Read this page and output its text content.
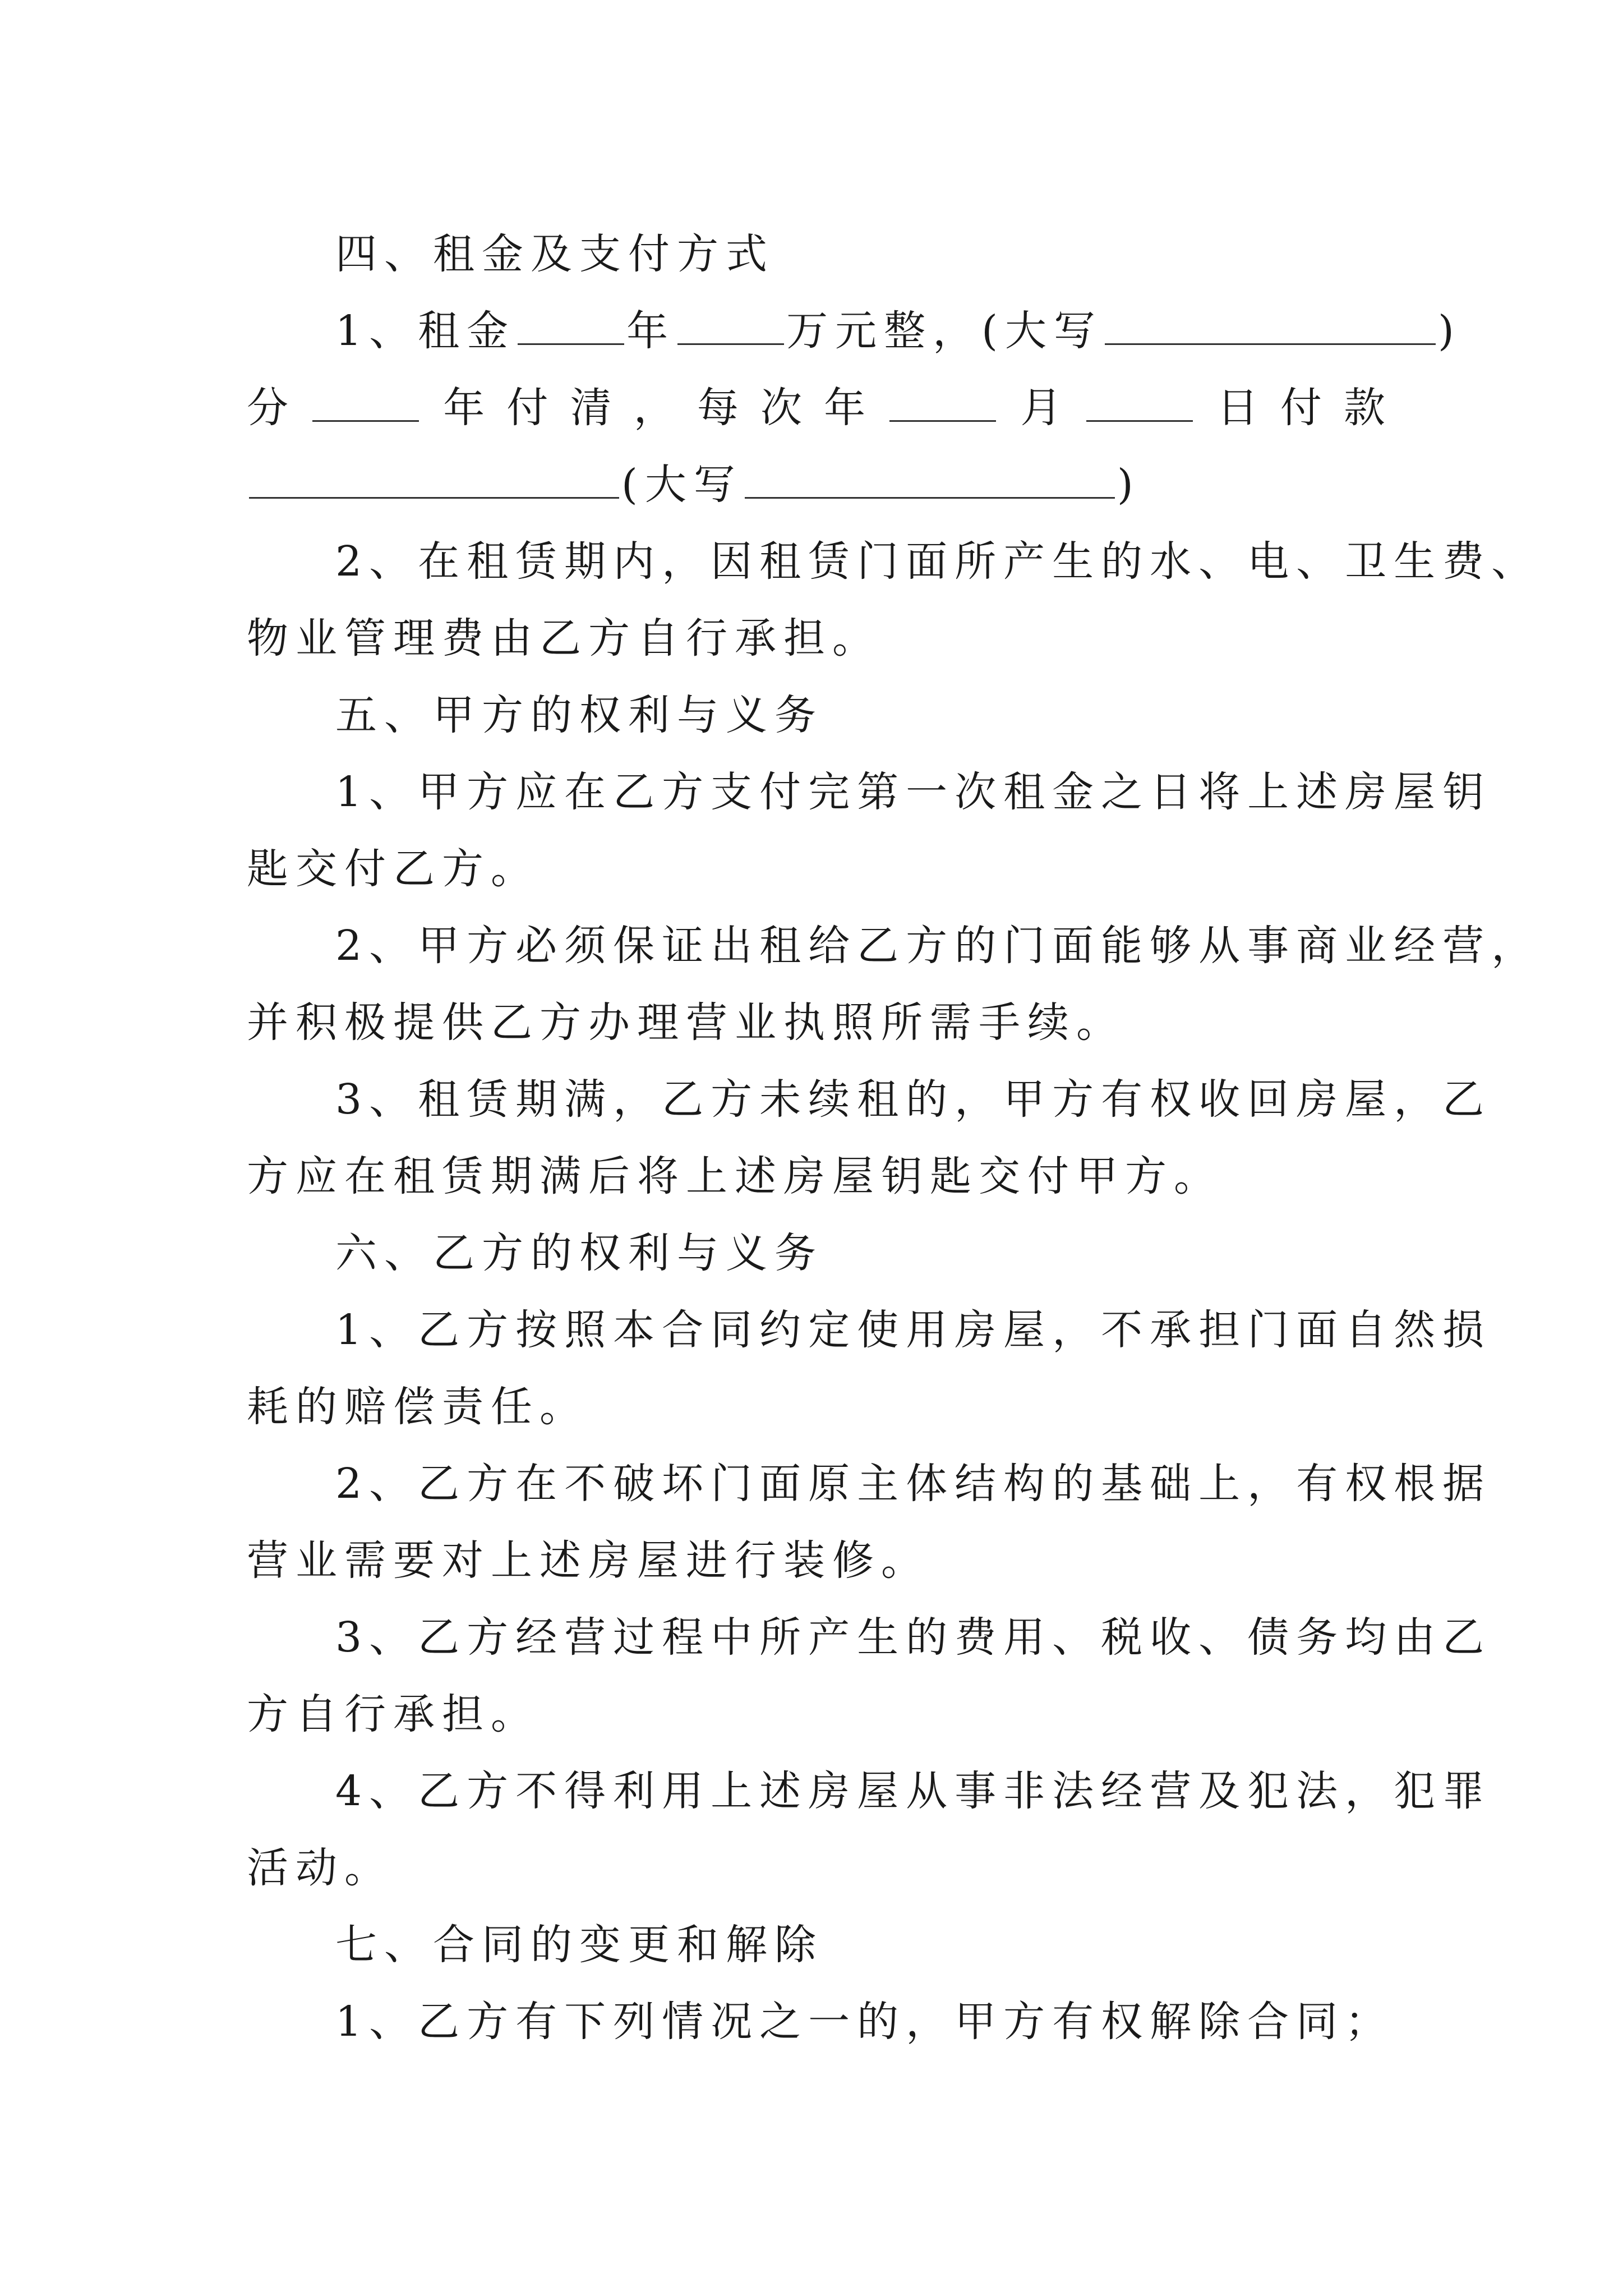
四、租金及支付方式
1、租金	年	万元整，(大写	)
分	年 付 清 ， 每 次 年	月	日 付 款
(大写	)
2、在租赁期内，因租赁门面所产生的水、电、卫生费、
物业管理费由乙方自行承担。
五、甲方的权利与义务
1、甲方应在乙方支付完第一次租金之日将上述房屋钥
匙交付乙方。
2、甲方必须保证出租给乙方的门面能够从事商业经营，
并积极提供乙方办理营业执照所需手续。
3、租赁期满，乙方未续租的，甲方有权收回房屋，乙
方应在租赁期满后将上述房屋钥匙交付甲方。
六、乙方的权利与义务
1、乙方按照本合同约定使用房屋，不承担门面自然损
耗的赔偿责任。
2、乙方在不破坏门面原主体结构的基础上，有权根据
营业需要对上述房屋进行装修。
3、乙方经营过程中所产生的费用、税收、债务均由乙
方自行承担。
4、乙方不得利用上述房屋从事非法经营及犯法，犯罪
活动。
七、合同的变更和解除
1、乙方有下列情况之一的，甲方有权解除合同；
